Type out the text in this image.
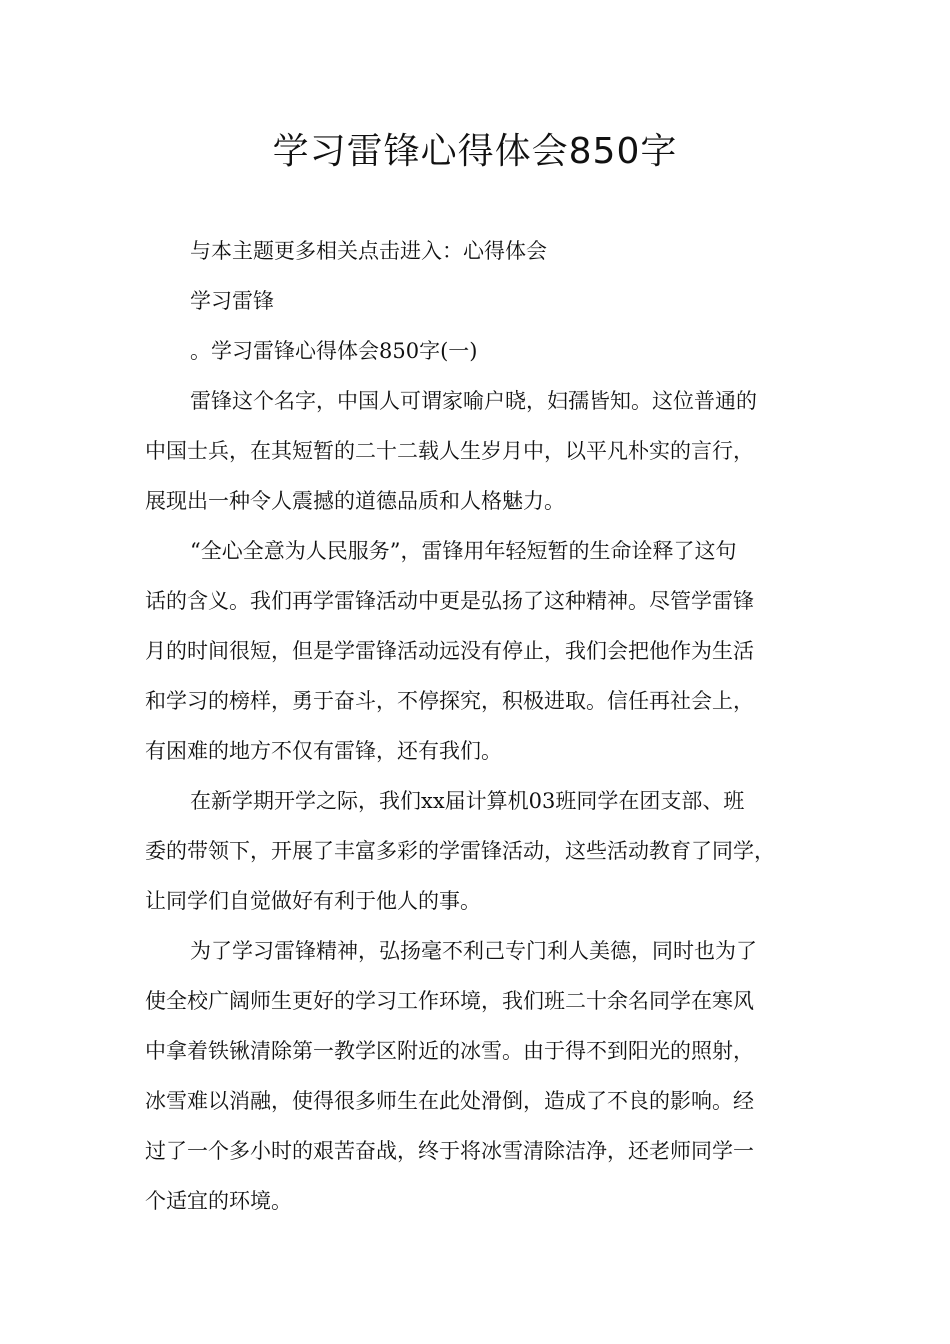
学习雷锋心得体会850字
与本主题更多相关点击进入：心得体会
学习雷锋
。学习雷锋心得体会850字(一)
雷锋这个名字，中国人可谓家喻户晓，妇孺皆知。这位普通的
中国士兵，在其短暂的二十二载人生岁月中，以平凡朴实的言行，
展现出一种令人震撼的道德品质和人格魅力。
“全心全意为人民服务”，雷锋用年轻短暂的生命诠释了这句
话的含义。我们再学雷锋活动中更是弘扬了这种精神。尽管学雷锋
月的时间很短，但是学雷锋活动远没有停止，我们会把他作为生活
和学习的榜样，勇于奋斗，不停探究，积极进取。信任再社会上，
有困难的地方不仅有雷锋，还有我们。
在新学期开学之际，我们xx届计算机03班同学在团支部、班
委的带领下，开展了丰富多彩的学雷锋活动，这些活动教育了同学，
让同学们自觉做好有利于他人的事。
为了学习雷锋精神，弘扬毫不利己专门利人美德，同时也为了
使全校广阔师生更好的学习工作环境，我们班二十余名同学在寒风
中拿着铁锹清除第一教学区附近的冰雪。由于得不到阳光的照射，
冰雪难以消融，使得很多师生在此处滑倒，造成了不良的影响。经
过了一个多小时的艰苦奋战，终于将冰雪清除洁净，还老师同学一
个适宜的环境。
